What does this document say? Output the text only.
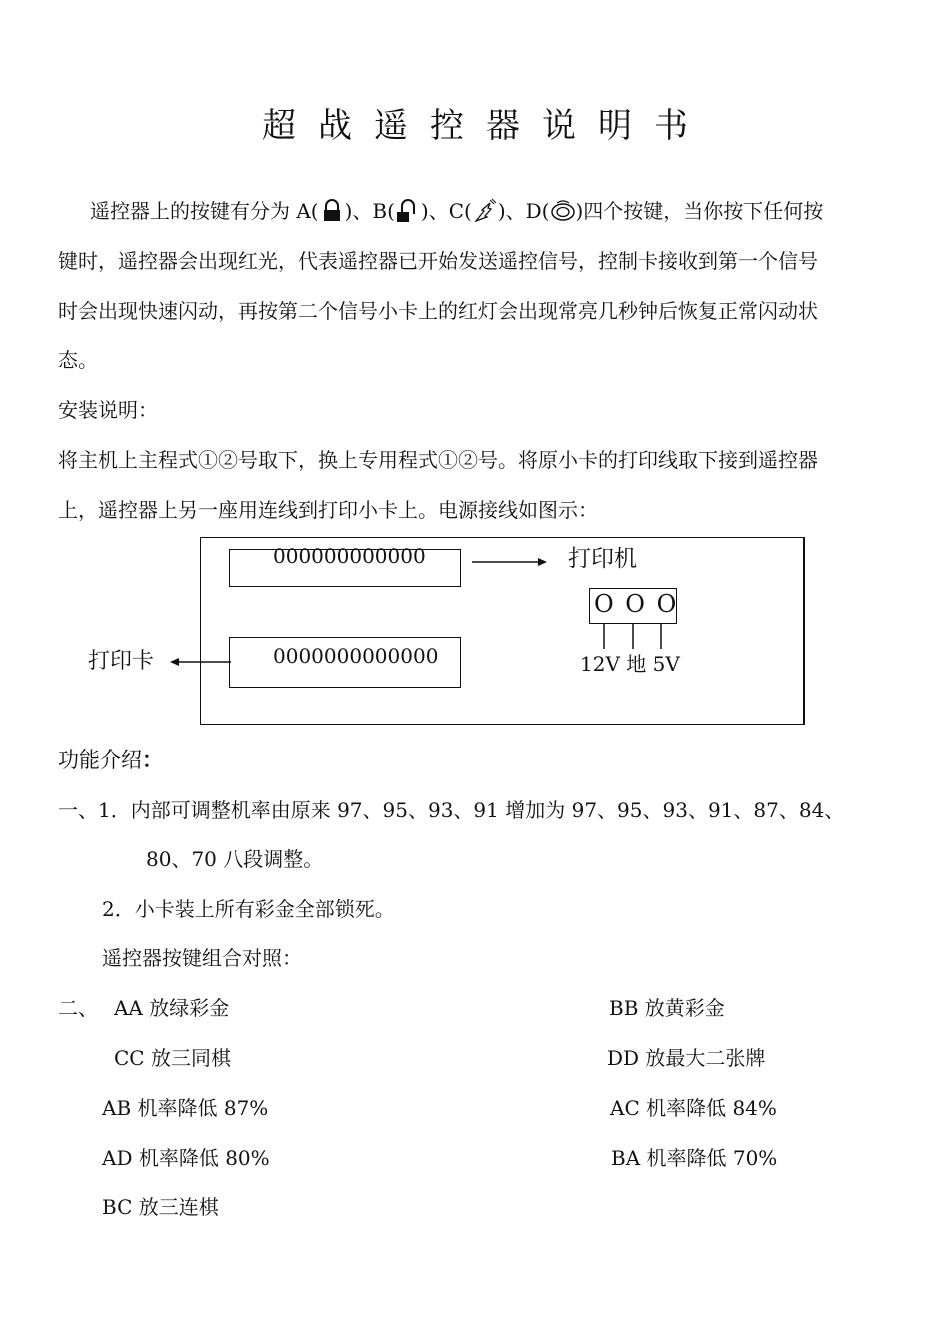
超战遥控器说明书
遥控器上的按键有分为 A( )、B( )、C( )、D( )四个按键，当你按下任何按
键时，遥控器会出现红光，代表遥控器已开始发送遥控信号，控制卡接收到第一个信号
时会出现快速闪动，再按第二个信号小卡上的红灯会出现常亮几秒钟后恢复正常闪动状
态。
安装说明：
将主机上主程式①②号取下，换上专用程式①②号。将原小卡的打印线取下接到遥控器
上，遥控器上另一座用连线到打印小卡上。电源接线如图示：
000000000000	打印机
O O O
12V 地 5V
打印卡	0000000000000
功能介绍：
一、1．内部可调整机率由原来 97、95、93、91 增加为 97、95、93、91、87、84、
80、70 八段调整。
2．小卡装上所有彩金全部锁死。
遥控器按键组合对照：
二、 AA 放绿彩金	BB 放黄彩金
CC 放三同棋	DD 放最大二张牌
AB 机率降低 87%	AC 机率降低 84%
AD 机率降低 80%	BA 机率降低 70%
BC 放三连棋
